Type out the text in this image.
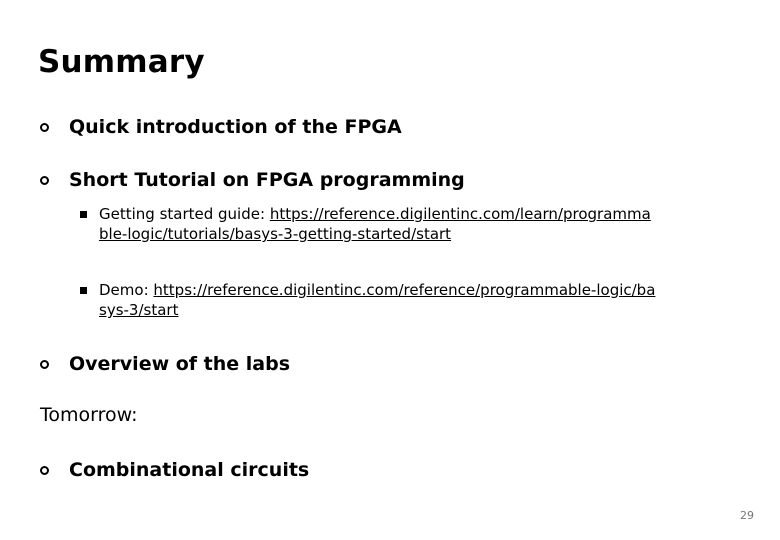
Summary
Quick introduction of the FPGA
Short Tutorial on FPGA programming
Getting started guide: https://reference.digilentinc.com/learn/programmable-logic/tutorials/basys-3-getting-started/start
Demo: https://reference.digilentinc.com/reference/programmable-logic/basys-3/start
Overview of the labs
Tomorrow:
Combinational circuits
29
